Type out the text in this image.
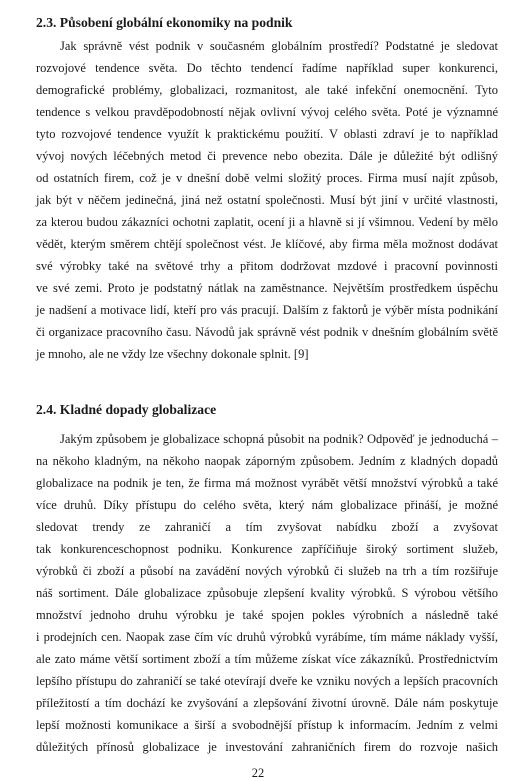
2.3. Působení globální ekonomiky na podnik
Jak správně vést podnik v současném globálním prostředí? Podstatné je sledovat
rozvojové tendence světa. Do těchto tendencí řadíme například super konkurenci,
demografické problémy, globalizaci, rozmanitost, ale také infekční onemocnění. Tyto
tendence s velkou pravděpodobností nějak ovlivní vývoj celého světa. Poté je významné
tyto rozvojové tendence využít k praktickému použití. V oblasti zdraví je to například
vývoj nových léčebných metod či prevence nebo obezita. Dále je důležité být odlišný
od ostatních firem, což je v dnešní době velmi složitý proces. Firma musí najít způsob,
jak být v něčem jedinečná, jiná než ostatní společnosti. Musí být jiní v určité vlastnosti,
za kterou budou zákazníci ochotni zaplatit, ocení ji a hlavně si jí všimnou. Vedení by mělo
vědět, kterým směrem chtějí společnost vést. Je klíčové, aby firma měla možnost dodávat
své výrobky také na světové trhy a přitom dodržovat mzdové i pracovní povinnosti
ve své zemi. Proto je podstatný nátlak na zaměstnance. Největším prostředkem úspěchu
je nadšení a motivace lidí, kteří pro vás pracují. Dalším z faktorů je výběr místa podnikání
či organizace pracovního času. Návodů jak správně vést podnik v dnešním globálním světě
je mnoho, ale ne vždy lze všechny dokonale splnit. [9]
2.4. Kladné dopady globalizace
Jakým způsobem je globalizace schopná působit na podnik? Odpověď je jednoduchá –
na někoho kladným, na někoho naopak záporným způsobem. Jedním z kladných dopadů
globalizace na podnik je ten, že firma má možnost vyrábět větší množství výrobků a také
více druhů. Díky přístupu do celého světa, který nám globalizace přináší, je možné
sledovat trendy ze zahraničí a tím zvyšovat nabídku zboží a zvyšovat
tak konkurenceschopnost podniku. Konkurence zapříčiňuje široký sortiment služeb,
výrobků či zboží a působí na zavádění nových výrobků či služeb na trh a tím rozšiřuje
náš sortiment. Dále globalizace způsobuje zlepšení kvality výrobků. S výrobou většího
množství jednoho druhu výrobku je také spojen pokles výrobních a následně také
i prodejních cen. Naopak zase čím víc druhů výrobků vyrábíme, tím máme náklady vyšší,
ale zato máme větší sortiment zboží a tím můžeme získat více zákazníků. Prostřednictvím
lepšího přístupu do zahraničí se také otevírají dveře ke vzniku nových a lepších pracovních
příležitostí a tím dochází ke zvyšování a zlepšování životní úrovně. Dále nám poskytuje
lepší možnosti komunikace a širší a svobodnější přístup k informacím. Jedním z velmi
důležitých přínosů globalizace je investování zahraničních firem do rozvoje našich
22
